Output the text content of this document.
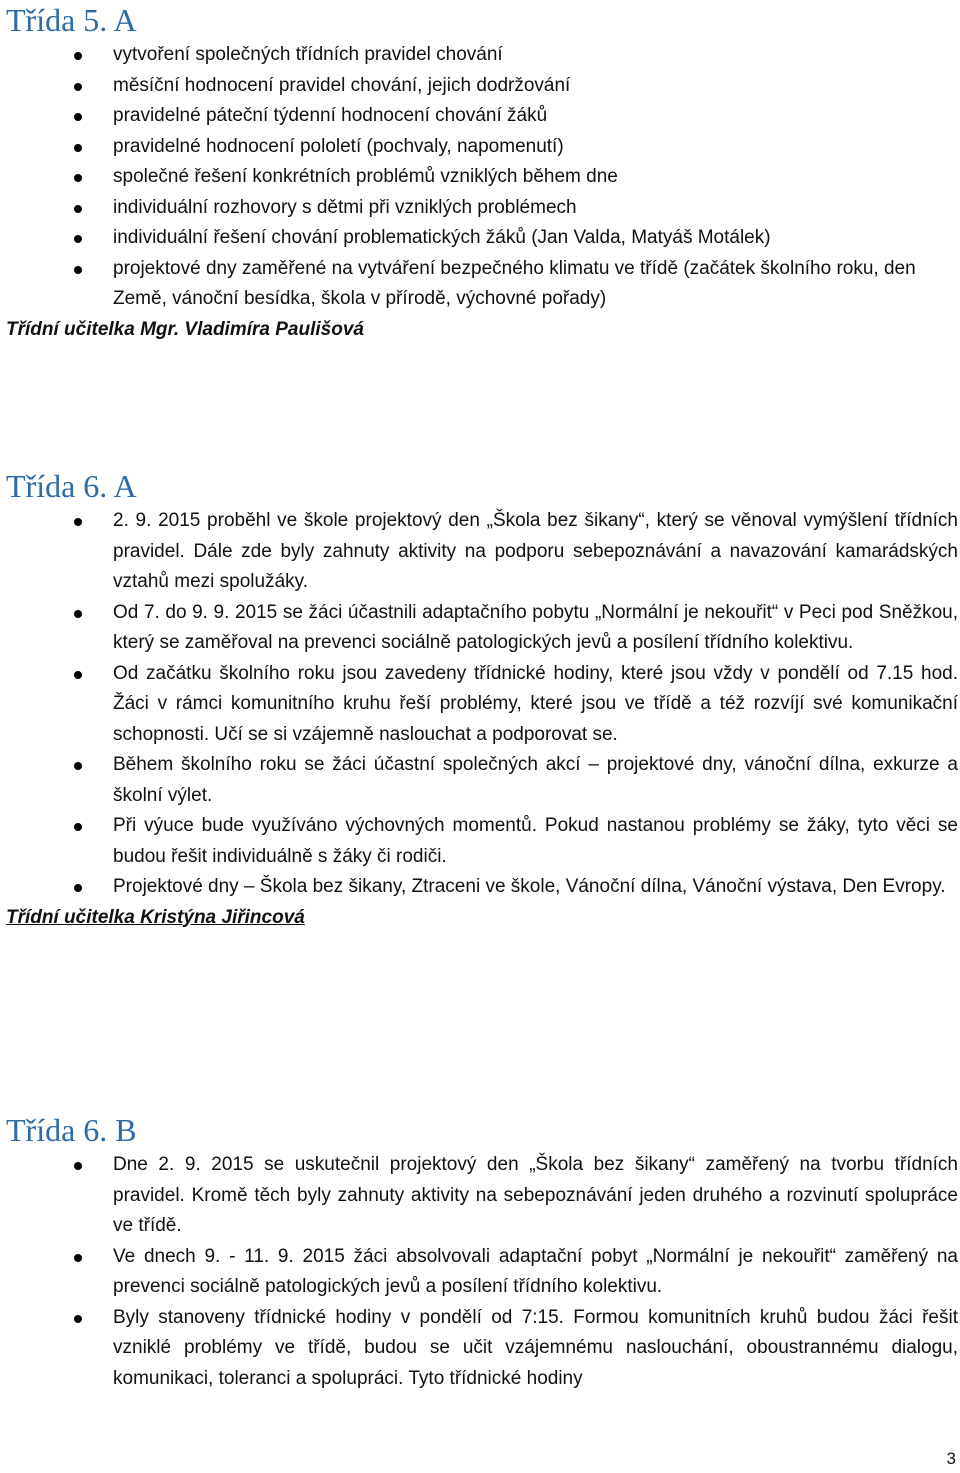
Třída 5. A
vytvoření společných třídních pravidel chování
měsíční hodnocení pravidel chování, jejich dodržování
pravidelné páteční týdenní hodnocení chování žáků
pravidelné hodnocení pololetí (pochvaly, napomenutí)
společné řešení konkrétních problémů vzniklých během dne
individuální rozhovory s dětmi při vzniklých problémech
individuální řešení chování problematických žáků (Jan Valda, Matyáš Motálek)
projektové dny zaměřené na vytváření bezpečného klimatu ve třídě (začátek školního roku, den Země, vánoční besídka, škola v přírodě, výchovné pořady)

Třídní učitelka Mgr. Vladimíra Paulišová

Třída 6. A
2. 9. 2015 proběhl ve škole projektový den „Škola bez šikany“, který se věnoval vymýšlení třídních pravidel. Dále zde byly zahnuty aktivity na podporu sebepoznávání a navazování kamarádských vztahů mezi spolužáky.
Od 7. do 9. 9. 2015 se žáci účastnili adaptačního pobytu „Normální je nekouřit“ v Peci pod Sněžkou, který se zaměřoval na prevenci sociálně patologických jevů a posílení třídního kolektivu.
Od začátku školního roku jsou zavedeny třídnické hodiny, které jsou vždy v pondělí od 7.15 hod. Žáci v rámci komunitního kruhu řeší problémy, které jsou ve třídě a též rozvíjí své komunikační schopnosti. Učí se si vzájemně naslouchat a podporovat se.
Během školního roku se žáci účastní společných akcí – projektové dny, vánoční dílna, exkurze a školní výlet.
Při výuce bude využíváno výchovných momentů. Pokud nastanou problémy se žáky, tyto věci se budou řešit individuálně s žáky či rodiči.
Projektové dny – Škola bez šikany, Ztraceni ve škole, Vánoční dílna, Vánoční výstava, Den Evropy.

Třídní učitelka Kristýna Jiřincová

Třída 6. B
Dne 2. 9. 2015 se uskutečnil projektový den „Škola bez šikany“ zaměřený na tvorbu třídních pravidel. Kromě těch byly zahnuty aktivity na sebepoznávání jeden druhého a rozvinutí spolupráce ve třídě.
Ve dnech 9. - 11. 9. 2015 žáci absolvovali adaptační pobyt „Normální je nekouřit“ zaměřený na prevenci sociálně patologických jevů a posílení třídního kolektivu.
Byly stanoveny třídnické hodiny v pondělí od 7:15. Formou komunitních kruhů budou žáci řešit vzniklé problémy ve třídě, budou se učit vzájemnému naslouchání, oboustrannému dialogu, komunikaci, toleranci a spolupráci. Tyto třídnické hodiny
3
